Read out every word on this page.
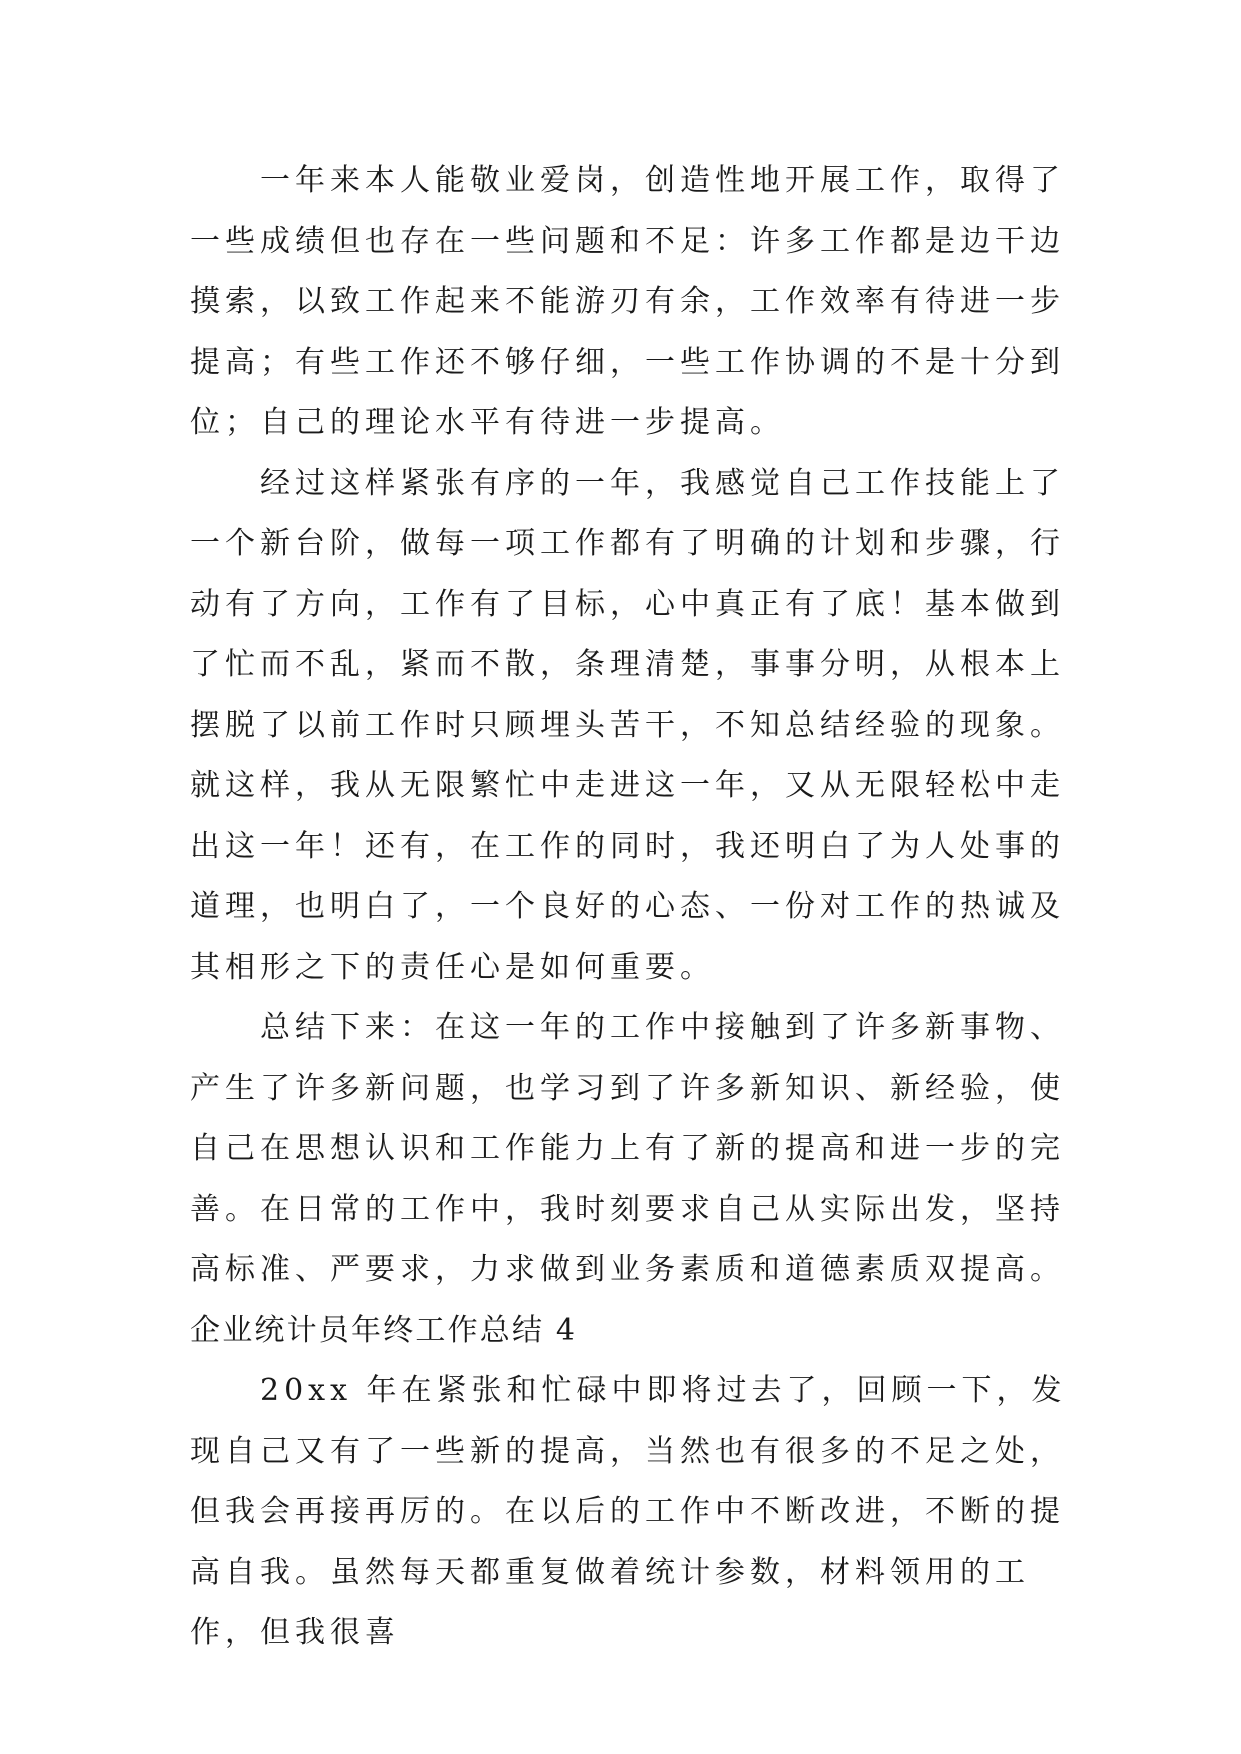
一年来本人能敬业爱岗，创造性地开展工作，取得了一些成绩但也存在一些问题和不足：许多工作都是边干边摸索，以致工作起来不能游刃有余，工作效率有待进一步提高；有些工作还不够仔细，一些工作协调的不是十分到位；自己的理论水平有待进一步提高。

经过这样紧张有序的一年，我感觉自己工作技能上了一个新台阶，做每一项工作都有了明确的计划和步骤，行动有了方向，工作有了目标，心中真正有了底！基本做到了忙而不乱，紧而不散，条理清楚，事事分明，从根本上摆脱了以前工作时只顾埋头苦干，不知总结经验的现象。就这样，我从无限繁忙中走进这一年，又从无限轻松中走出这一年！还有，在工作的同时，我还明白了为人处事的道理，也明白了，一个良好的心态、一份对工作的热诚及其相形之下的责任心是如何重要。

总结下来：在这一年的工作中接触到了许多新事物、产生了许多新问题，也学习到了许多新知识、新经验，使自己在思想认识和工作能力上有了新的提高和进一步的完善。在日常的工作中，我时刻要求自己从实际出发，坚持高标准、严要求，力求做到业务素质和道德素质双提高。

企业统计员年终工作总结 4

20xx 年在紧张和忙碌中即将过去了，回顾一下，发现自己又有了一些新的提高，当然也有很多的不足之处，但我会再接再厉的。在以后的工作中不断改进，不断的提高自我。虽然每天都重复做着统计参数，材料领用的工作，但我很喜
